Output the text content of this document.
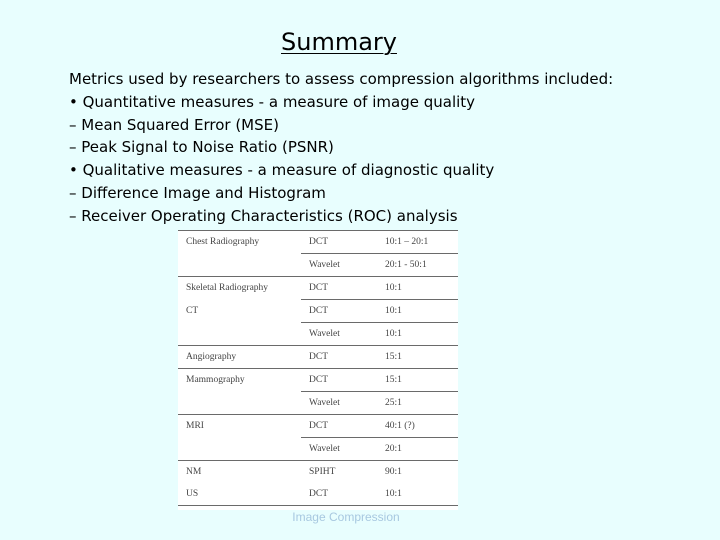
Summary
Metrics used by researchers to assess compression algorithms included:
• Quantitative measures - a measure of image quality
– Mean Squared Error (MSE)
– Peak Signal to Noise Ratio (PSNR)
• Qualitative measures - a measure of diagnostic quality
– Difference Image and Histogram
– Receiver Operating Characteristics (ROC) analysis
Chest Radiography	DCT	10:1 – 20:1
	Wavelet	20:1 - 50:1
Skeletal Radiography	DCT	10:1
CT	DCT	10:1
	Wavelet	10:1
Angiography	DCT	15:1
Mammography	DCT	15:1
	Wavelet	25:1
MRI	DCT	40:1 (?)
	Wavelet	20:1
NM	SPIHT	90:1
US	DCT	10:1
Image Compression
